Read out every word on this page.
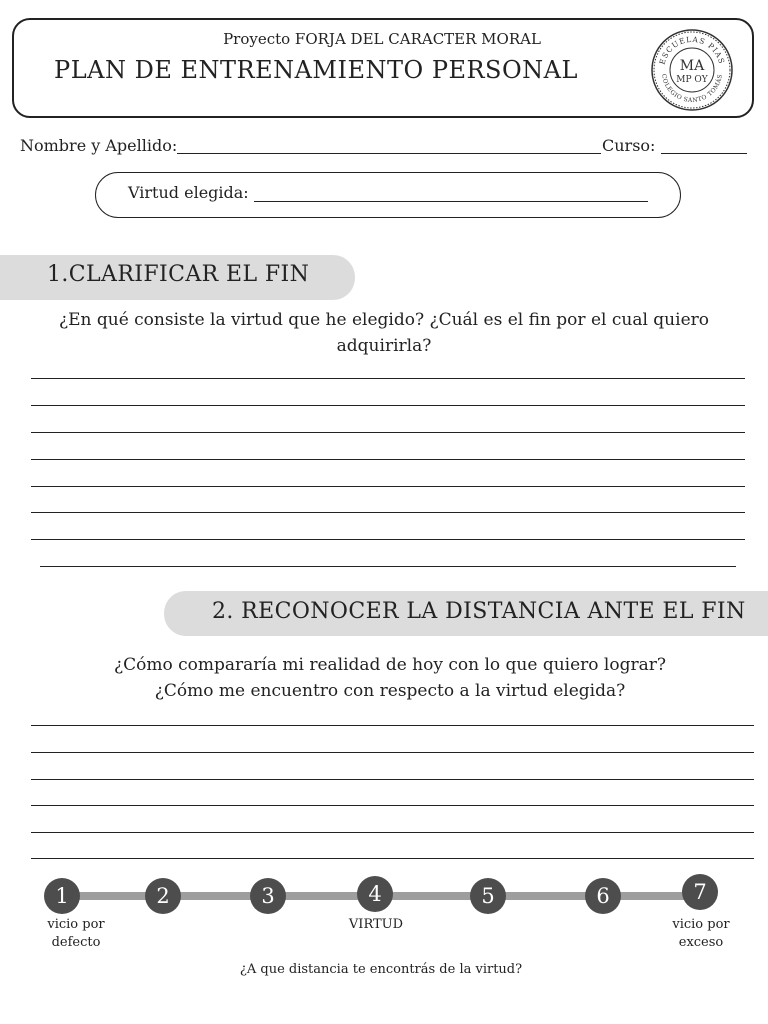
Proyecto FORJA DEL CARACTER MORAL
PLAN DE ENTRENAMIENTO PERSONAL	ESCUELAS PIAS
COLEGIO SANTO TOMÁS
MA
MP OY
Nombre y Apellido:	Curso:
Virtud elegida:
1.CLARIFICAR EL FIN
¿En qué consiste la virtud que he elegido? ¿Cuál es el fin por el cual quiero
adquirirla?
2. RECONOCER LA DISTANCIA ANTE EL FIN
¿Cómo compararía mi realidad de hoy con lo que quiero lograr?
¿Cómo me encuentro con respecto a la virtud elegida?
1	2	3	4	5	6	7
vicio por
defecto
VIRTUD	vicio por
exceso
¿A que distancia te encontrás de la virtud?
